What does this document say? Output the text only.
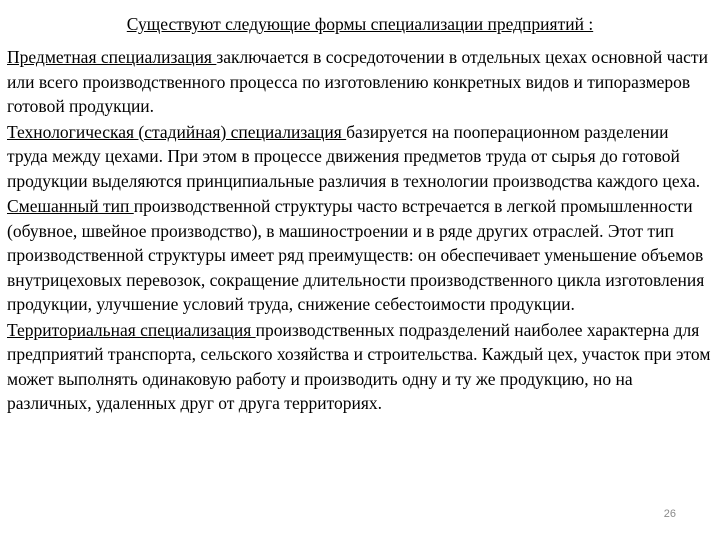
Существуют следующие формы специализации предприятий :

Предметная специализация заключается в сосредоточении в отдельных цехах основной части или всего производственного процесса по изготовлению конкретных видов и типоразмеров готовой продукции.

Технологическая (стадийная) специализация базируется на пооперационном разделении труда между цехами. При этом в процессе движения предметов труда от сырья до готовой продукции выделяются принципиальные различия в технологии производства каждого цеха.

Смешанный тип производственной структуры часто встречается в легкой промышленности (обувное, швейное производство), в машиностроении и в ряде других отраслей. Этот тип производственной структуры имеет ряд преимуществ: он обеспечивает уменьшение объемов внутрицеховых перевозок, сокращение длительности производственного цикла изготовления продукции, улучшение условий труда, снижение себестоимости продукции.

Территориальная специализация производственных подразделений наиболее характерна для предприятий транспорта, сельского хозяйства и строительства. Каждый цех, участок при этом может выполнять одинаковую работу и производить одну и ту же продукцию, но на различных, удаленных друг от друга территориях.

26
